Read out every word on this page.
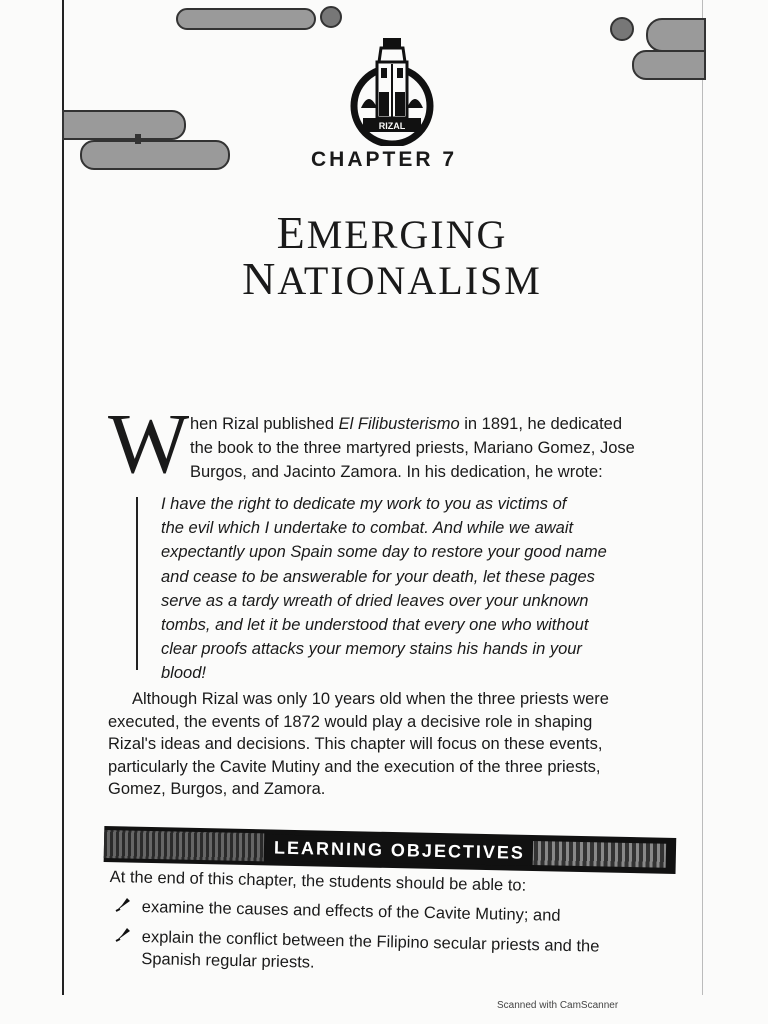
RIZAL
CHAPTER 7
EMERGING
NATIONALISM
W hen Rizal published El Filibusterismo in 1891, he dedicated
the book to the three martyred priests, Mariano Gomez, Jose
Burgos, and Jacinto Zamora. In his dedication, he wrote:
I have the right to dedicate my work to you as victims of
the evil which I undertake to combat. And while we await
expectantly upon Spain some day to restore your good name
and cease to be answerable for your death, let these pages
serve as a tardy wreath of dried leaves over your unknown
tombs, and let it be understood that every one who without
clear proofs attacks your memory stains his hands in your
blood!
Although Rizal was only 10 years old when the three priests were
executed, the events of 1872 would play a decisive role in shaping
Rizal's ideas and decisions. This chapter will focus on these events,
particularly the Cavite Mutiny and the execution of the three priests,
Gomez, Burgos, and Zamora.
LEARNING OBJECTIVES
At the end of this chapter, the students should be able to:
examine the causes and effects of the Cavite Mutiny; and
explain the conflict between the Filipino secular priests and the
Spanish regular priests.
Scanned with CamScanner
